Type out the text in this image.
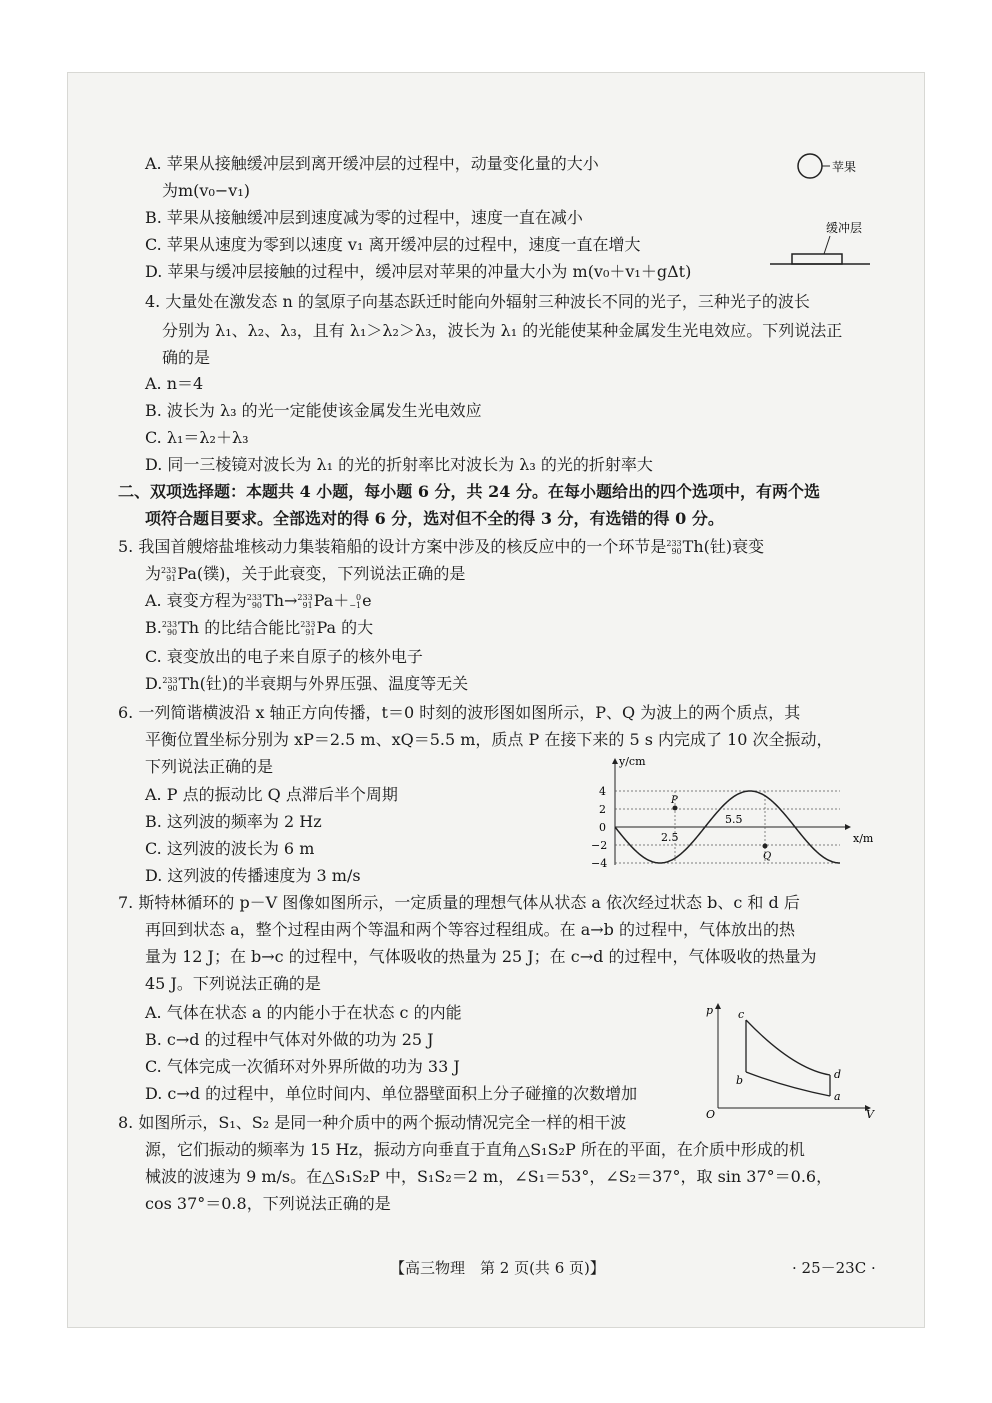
A. 苹果从接触缓冲层到离开缓冲层的过程中，动量变化量的大小
为m(v₀−v₁)
B. 苹果从接触缓冲层到速度减为零的过程中，速度一直在减小
C. 苹果从速度为零到以速度 v₁ 离开缓冲层的过程中，速度一直在增大
D. 苹果与缓冲层接触的过程中，缓冲层对苹果的冲量大小为 m(v₀＋v₁＋gΔt)
苹果
缓冲层
4. 大量处在激发态 n 的氢原子向基态跃迁时能向外辐射三种波长不同的光子，三种光子的波长
分别为 λ₁、λ₂、λ₃，且有 λ₁＞λ₂＞λ₃，波长为 λ₁ 的光能使某种金属发生光电效应。下列说法正
确的是
A. n＝4
B. 波长为 λ₃ 的光一定能使该金属发生光电效应
C. λ₁＝λ₂＋λ₃
D. 同一三棱镜对波长为 λ₁ 的光的折射率比对波长为 λ₃ 的光的折射率大
二、双项选择题：本题共 4 小题，每小题 6 分，共 24 分。在每小题给出的四个选项中，有两个选
项符合题目要求。全部选对的得 6 分，选对但不全的得 3 分，有选错的得 0 分。
5. 我国首艘熔盐堆核动力集装箱船的设计方案中涉及的核反应中的一个环节是 233
90 Th(钍)衰变
为 233
91 Pa(镤)，关于此衰变，下列说法正确的是
A. 衰变方程为 233
90 Th→ 233
91 Pa＋ 0
−1 e
B. 233
90 Th 的比结合能比 233
91 Pa 的大
C. 衰变放出的电子来自原子的核外电子
D. 233
90 Th(钍)的半衰期与外界压强、温度等无关
6. 一列简谐横波沿 x 轴正方向传播，t＝0 时刻的波形图如图所示，P、Q 为波上的两个质点，其
平衡位置坐标分别为 xP＝2.5 m、xQ＝5.5 m，质点 P 在接下来的 5 s 内完成了 10 次全振动，
下列说法正确的是
A. P 点的振动比 Q 点滞后半个周期
B. 这列波的频率为 2 Hz
C. 这列波的波长为 6 m
D. 这列波的传播速度为 3 m/s
y/cm
x/m
4
2
0
−2
−4
P
Q
2.5
5.5
7. 斯特林循环的 p－V 图像如图所示，一定质量的理想气体从状态 a 依次经过状态 b、c 和 d 后
再回到状态 a，整个过程由两个等温和两个等容过程组成。在 a→b 的过程中，气体放出的热
量为 12 J；在 b→c 的过程中，气体吸收的热量为 25 J；在 c→d 的过程中，气体吸收的热量为
45 J。下列说法正确的是
A. 气体在状态 a 的内能小于在状态 c 的内能
B. c→d 的过程中气体对外做的功为 25 J
C. 气体完成一次循环对外界所做的功为 33 J
D. c→d 的过程中，单位时间内、单位器壁面积上分子碰撞的次数增加
p
V
O
c
b	d
a
8. 如图所示，S₁、S₂ 是同一种介质中的两个振动情况完全一样的相干波
源，它们振动的频率为 15 Hz，振动方向垂直于直角△S₁S₂P 所在的平面，在介质中形成的机
械波的波速为 9 m/s。在△S₁S₂P 中，S₁S₂＝2 m，∠S₁＝53°，∠S₂＝37°，取 sin 37°＝0.6，
cos 37°＝0.8，下列说法正确的是
【高三物理　第 2 页(共 6 页)】	· 25－23C ·
